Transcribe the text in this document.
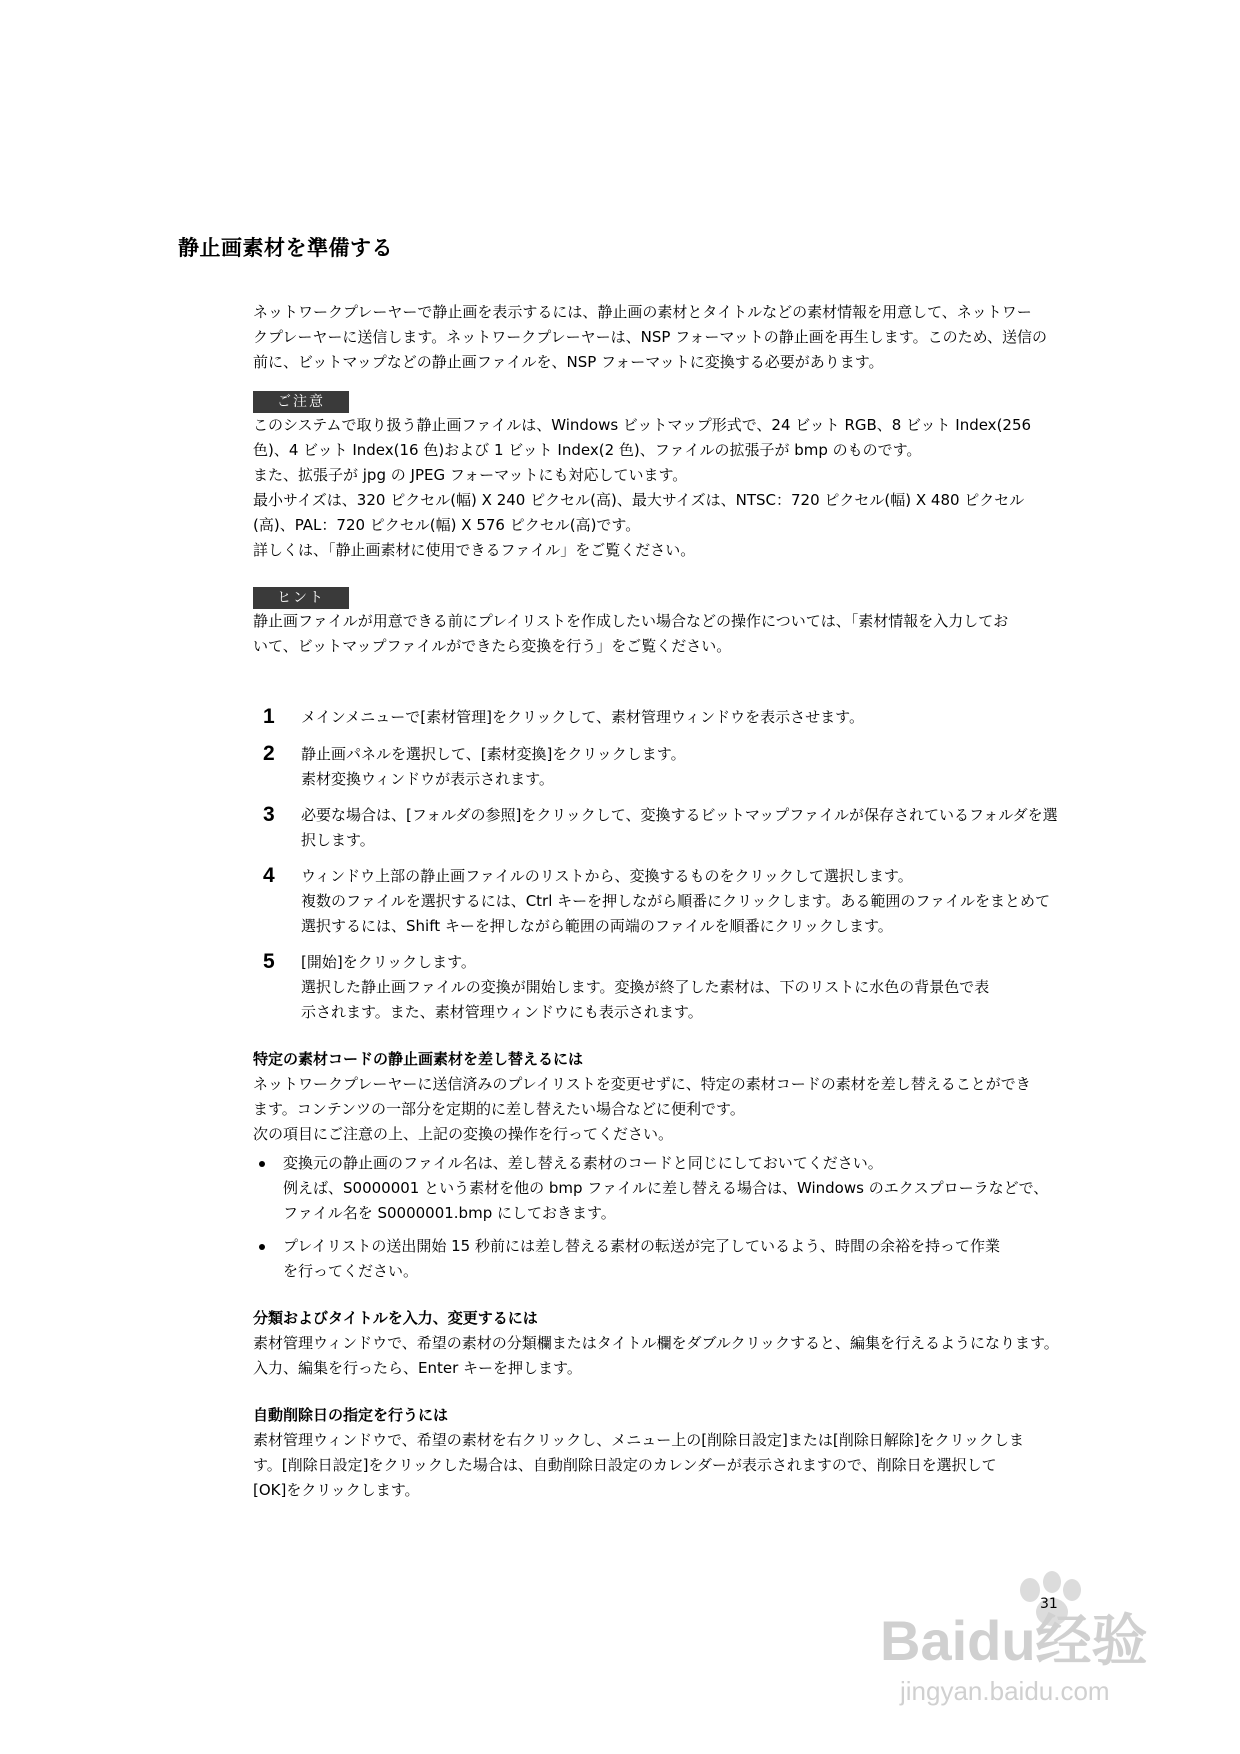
静止画素材を準備する

ネットワークプレーヤーで静止画を表示するには、静止画の素材とタイトルなどの素材情報を用意して、ネットワー

クプレーヤーに送信します。ネットワークプレーヤーは、NSP フォーマットの静止画を再生します。このため、送信の

前に、ビットマップなどの静止画ファイルを、NSP フォーマットに変換する必要があります。

ご注意

このシステムで取り扱う静止画ファイルは、Windows ビットマップ形式で、24 ビット RGB、8 ビット Index(256

色)、4 ビット Index(16 色)および 1 ビット Index(2 色)、ファイルの拡張子が bmp のものです。

また、拡張子が jpg の JPEG フォーマットにも対応しています。

最小サイズは、320 ピクセル(幅) X 240 ピクセル(高)、最大サイズは、NTSC：720 ピクセル(幅) X 480 ピクセル

(高)、PAL：720 ピクセル(幅) X 576 ピクセル(高)です。

詳しくは、「静止画素材に使用できるファイル」をご覧ください。

ヒント

静止画ファイルが用意できる前にプレイリストを作成したい場合などの操作については、「素材情報を入力してお

いて、ビットマップファイルができたら変換を行う」をご覧ください。

1	メインメニューで[素材管理]をクリックして、素材管理ウィンドウを表示させます。

2	静止画パネルを選択して、[素材変換]をクリックします。

素材変換ウィンドウが表示されます。

3	必要な場合は、[フォルダの参照]をクリックして、変換するビットマップファイルが保存されているフォルダを選

択します。

4	ウィンドウ上部の静止画ファイルのリストから、変換するものをクリックして選択します。

複数のファイルを選択するには、Ctrl キーを押しながら順番にクリックします。ある範囲のファイルをまとめて

選択するには、Shift キーを押しながら範囲の両端のファイルを順番にクリックします。

5	[開始]をクリックします。

選択した静止画ファイルの変換が開始します。変換が終了した素材は、下のリストに水色の背景色で表

示されます。また、素材管理ウィンドウにも表示されます。

特定の素材コードの静止画素材を差し替えるには

ネットワークプレーヤーに送信済みのプレイリストを変更せずに、特定の素材コードの素材を差し替えることができ

ます。コンテンツの一部分を定期的に差し替えたい場合などに便利です。

次の項目にご注意の上、上記の変換の操作を行ってください。

変換元の静止画のファイル名は、差し替える素材のコードと同じにしておいてください。

例えば、S0000001 という素材を他の bmp ファイルに差し替える場合は、Windows のエクスプローラなどで、

ファイル名を S0000001.bmp にしておきます。

プレイリストの送出開始 15 秒前には差し替える素材の転送が完了しているよう、時間の余裕を持って作業

を行ってください。

分類およびタイトルを入力、変更するには

素材管理ウィンドウで、希望の素材の分類欄またはタイトル欄をダブルクリックすると、編集を行えるようになります。

入力、編集を行ったら、Enter キーを押します。

自動削除日の指定を行うには

素材管理ウィンドウで、希望の素材を右クリックし、メニュー上の[削除日設定]または[削除日解除]をクリックしま

す。[削除日設定]をクリックした場合は、自動削除日設定のカレンダーが表示されますので、削除日を選択して

[OK]をクリックします。

Baidu经验
jingyan.baidu.com
31
